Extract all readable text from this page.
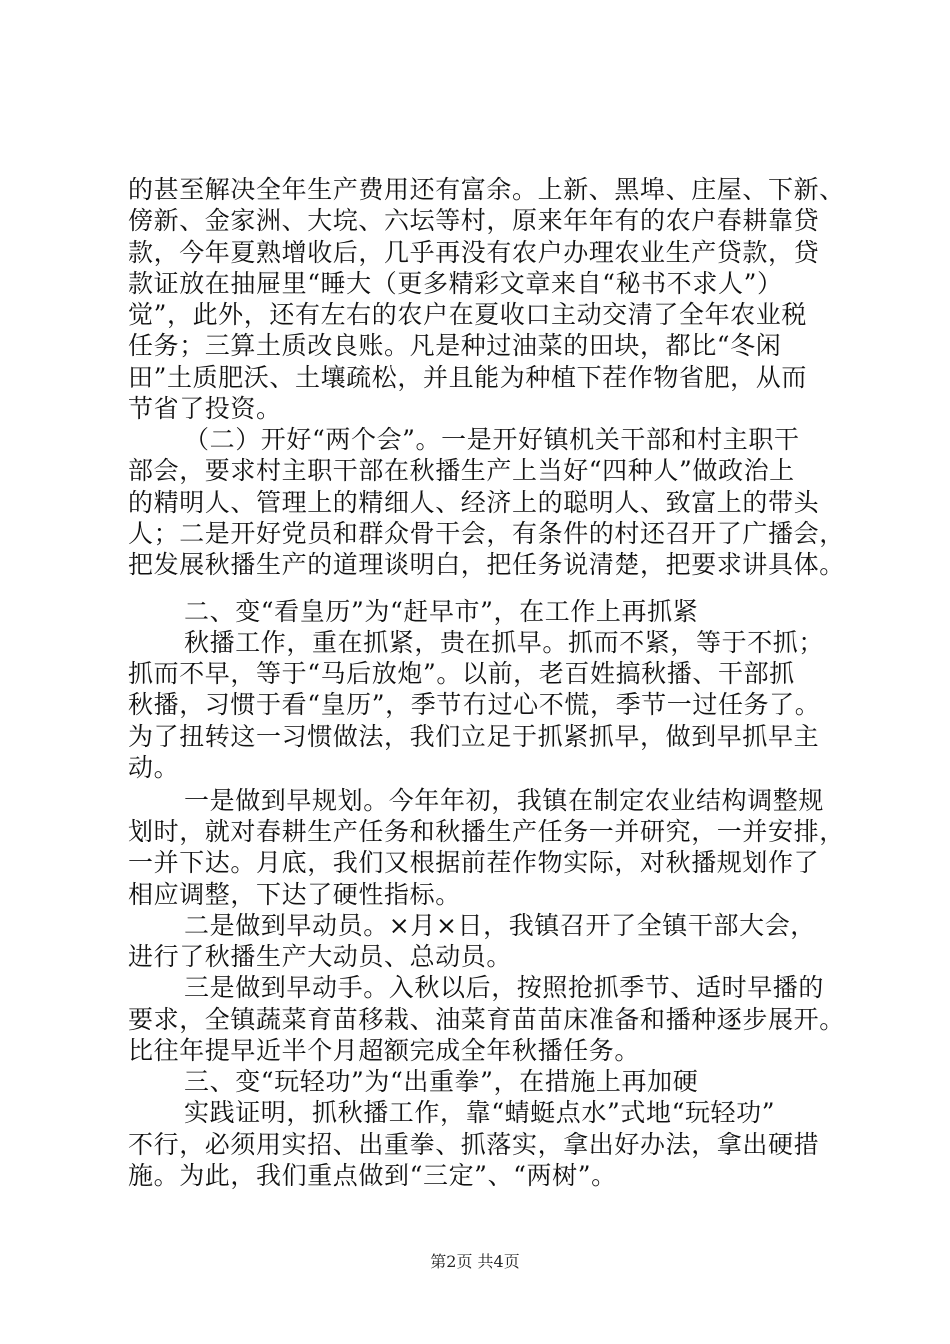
第2页 共4页
的甚至解决全年生产费用还有富余。上新、黑埠、庄屋、下新、
傍新、金家洲、大垸、六坛等村，原来年年有的农户春耕靠贷
款，今年夏熟增收后，几乎再没有农户办理农业生产贷款，贷
款证放在抽屉里“睡大（更多精彩文章来自“秘书不求人”）
觉”，此外，还有左右的农户在夏收口主动交清了全年农业税
任务；三算土质改良账。凡是种过油菜的田块，都比“冬闲
田”土质肥沃、土壤疏松，并且能为种植下茬作物省肥，从而
节省了投资。
（二）开好“两个会”。一是开好镇机关干部和村主职干
部会，要求村主职干部在秋播生产上当好“四种人”做政治上
的精明人、管理上的精细人、经济上的聪明人、致富上的带头
人；二是开好党员和群众骨干会，有条件的村还召开了广播会，
把发展秋播生产的道理谈明白，把任务说清楚，把要求讲具体。
二、变“看皇历”为“赶早市”，在工作上再抓紧
秋播工作，重在抓紧，贵在抓早。抓而不紧，等于不抓；
抓而不早，等于“马后放炮”。以前，老百姓搞秋播、干部抓
秋播，习惯于看“皇历”，季节冇过心不慌，季节一过任务了。
为了扭转这一习惯做法，我们立足于抓紧抓早，做到早抓早主
动。
一是做到早规划。今年年初，我镇在制定农业结构调整规
划时，就对春耕生产任务和秋播生产任务一并研究，一并安排，
一并下达。月底，我们又根据前茬作物实际，对秋播规划作了
相应调整，下达了硬性指标。
二是做到早动员。×月×日，我镇召开了全镇干部大会，
进行了秋播生产大动员、总动员。
三是做到早动手。入秋以后，按照抢抓季节、适时早播的
要求，全镇蔬菜育苗移栽、油菜育苗苗床准备和播种逐步展开。
比往年提早近半个月超额完成全年秋播任务。
三、变“玩轻功”为“出重拳”，在措施上再加硬
实践证明，抓秋播工作，靠“蜻蜓点水”式地“玩轻功”
不行，必须用实招、出重拳、抓落实，拿出好办法，拿出硬措
施。为此，我们重点做到“三定”、“两树”。
